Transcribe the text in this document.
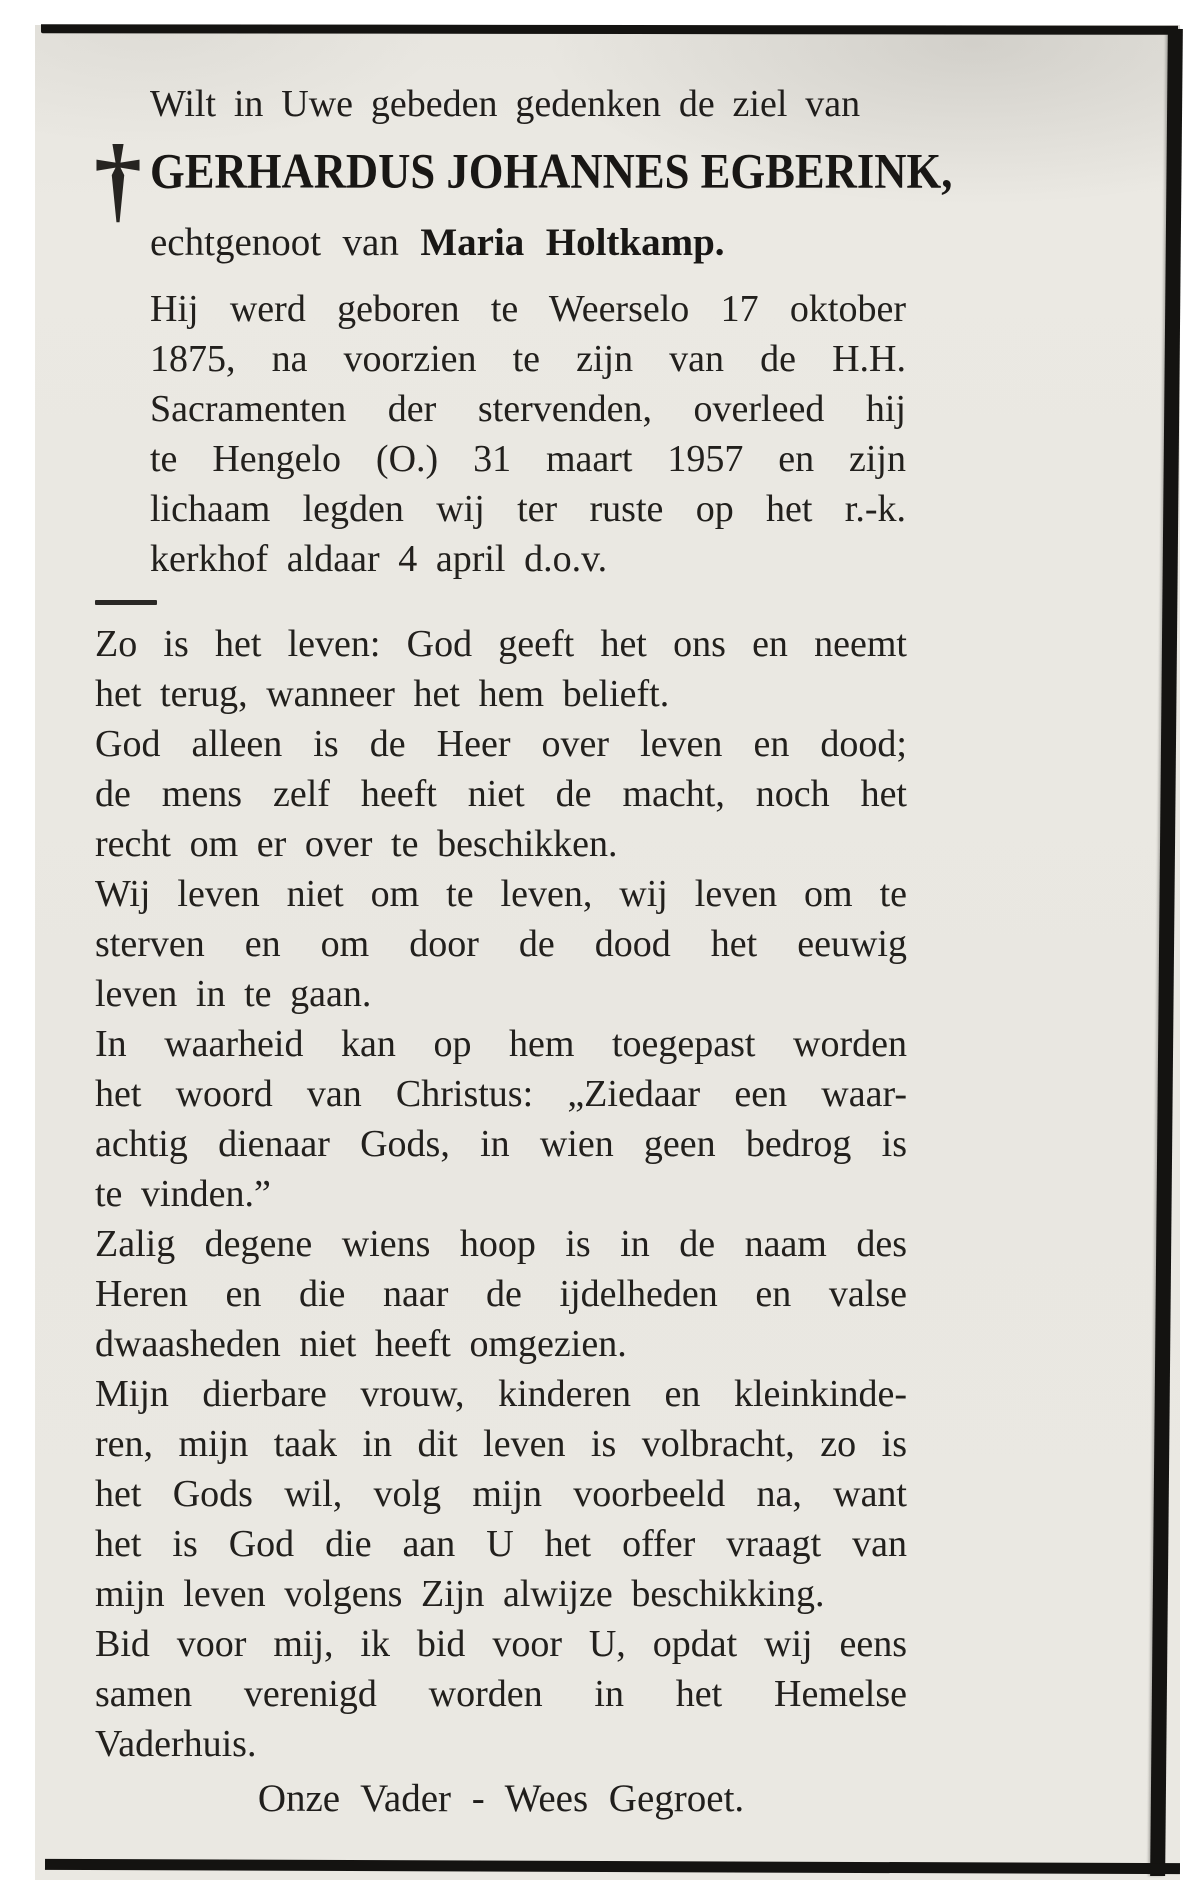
Wilt in Uwe gebeden gedenken de ziel van
† GERHARDUS JOHANNES EGBERINK,
echtgenoot van Maria Holtkamp.
Hij werd geboren te Weerselo 17 oktober
1875, na voorzien te zijn van de H.H.
Sacramenten der stervenden, overleed hij
te Hengelo (O.) 31 maart 1957 en zijn
lichaam legden wij ter ruste op het r.-k.
kerkhof aldaar 4 april d.o.v.
Zo is het leven: God geeft het ons en neemt
het terug, wanneer het hem belieft.
God alleen is de Heer over leven en dood;
de mens zelf heeft niet de macht, noch het
recht om er over te beschikken.
Wij leven niet om te leven, wij leven om te
sterven en om door de dood het eeuwig
leven in te gaan.
In waarheid kan op hem toegepast worden
het woord van Christus: „Ziedaar een waar-
achtig dienaar Gods, in wien geen bedrog is
te vinden.”
Zalig degene wiens hoop is in de naam des
Heren en die naar de ijdelheden en valse
dwaasheden niet heeft omgezien.
Mijn dierbare vrouw, kinderen en kleinkinde-
ren, mijn taak in dit leven is volbracht, zo is
het Gods wil, volg mijn voorbeeld na, want
het is God die aan U het offer vraagt van
mijn leven volgens Zijn alwijze beschikking.
Bid voor mij, ik bid voor U, opdat wij eens
samen verenigd worden in het Hemelse
Vaderhuis.
Onze Vader - Wees Gegroet.
